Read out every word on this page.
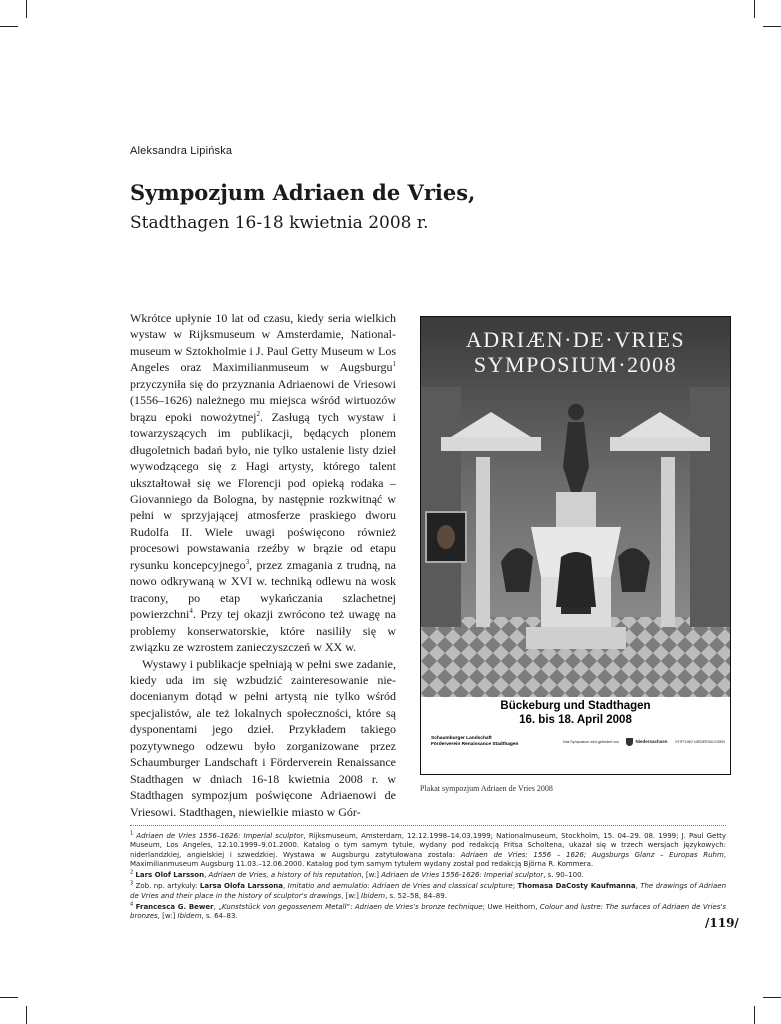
Aleksandra Lipińska
Sympozjum Adriaen de Vries,
Stadthagen 16-18 kwietnia 2008 r.

Wkrótce upłynie 10 lat od czasu, kiedy seria wielkich wystaw w Rijksmuseum w Amsterdamie, Nationalmuseum w Sztokholmie i J. Paul Getty Museum w Los Angeles oraz Maximilianmuseum w Augsburgu$^1$ przyczyniła się do przyznania Adriaenowi de Vriesowi (1556–1626) należnego mu miejsca wśród wirtuozów brązu epoki nowożytnej$^2$. Zasługą tych wystaw i towarzyszących im publikacji, będących plonem długoletnich badań było, nie tylko ustalenie listy dzieł wywodzącego się z Hagi artysty, którego talent ukształtował się we Florencji pod opieką rodaka – Giovanniego da Bologna, by następnie rozkwitnąć w pełni w sprzyjającej atmosferze praskiego dworu Rudolfa II. Wiele uwagi poświęcono również procesowi powstawania rzeźby w brązie od etapu rysunku koncepcyjnego$^3$, przez zmagania z trudną, na nowo odkrywaną w XVI w. techniką odlewu na wosk tracony, po etap wykańczania szlachetnej powierzchni$^4$. Przy tej okazji zwrócono też uwagę na problemy konserwatorskie, które nasiliły się w związku ze wzrostem zanieczyszczeń w XX w.

Wystawy i publikacje spełniają w pełni swe zadanie, kiedy uda im się wzbudzić zainteresowanie niedocenianym dotąd w pełni artystą nie tylko wśród specjalistów, ale też lokalnych społeczności, które są dysponentami jego dzieł. Przykładem takiego pozytywnego odzewu było zorganizowane przez Schaumburger Landschaft i Förderverein Renaissance Stadthagen w dniach 16-18 kwietnia 2008 r. w Stadthagen sympozjum poświęcone Adriaenowi de Vriesowi. Stadthagen, niewielkie miasto w Gór-

ADRIÆN·DE·VRIES
SYMPOSIUM·2008
Bückeburg und Stadthagen
16. bis 18. April 2008
Schaumburger Landschaft
Förderverein Renaissance Stadthagen	Das Symposium wird gefördert von	Niedersachsen STIFTUNG NIEDERSACHSEN
Plakat sympozjum Adriaen de Vries 2008

$^1$ Adriaen de Vries 1556–1626: Imperial sculptor, Rijksmuseum, Amsterdam, 12.12.1998–14.03.1999; Nationalmuseum, Stockholm, 15. 04–29. 08. 1999; J. Paul Getty Museum, Los Angeles, 12.10.1999–9.01.2000. Katalog o tym samym tytule, wydany pod redakcją Fritsa Scholtena, ukazał się w trzech wersjach językowych: niderlandzkiej, angielskiej i szwedzkiej. Wystawa w Augsburgu zatytułowana została: Adriaen de Vries: 1556 – 1626; Augsburgs Glanz – Europas Ruhm, Maximilianmuseum Augsburg 11.03.–12.06.2000. Katalog pod tym samym tytułem wydany został pod redakcją Björna R. Kommera.

$^2$ Lars Olof Larsson, Adriaen de Vries, a history of his reputation, [w:] Adriaen de Vries 1556-1626: Imperial sculptor, s. 90–100.

$^3$ Zob. np. artykuły: Larsa Olofa Larssona, Imitatio and aemulatio: Adriaen de Vries and classical sculpture; Thomasa DaCosty Kaufmanna, The drawings of Adriaen de Vries and their place in the history of sculptor's drawings, [w:] Ibidem, s. 52–58, 84–89.

$^4$ Francesca G. Bewer, „Kunststück von gegossenem Metall”: Adriaen de Vries's bronze technique; Uwe Heithorn, Colour and lustre: The surfaces of Adriaen de Vries's bronzes, [w:] Ibidem, s. 64–83.	/119/
